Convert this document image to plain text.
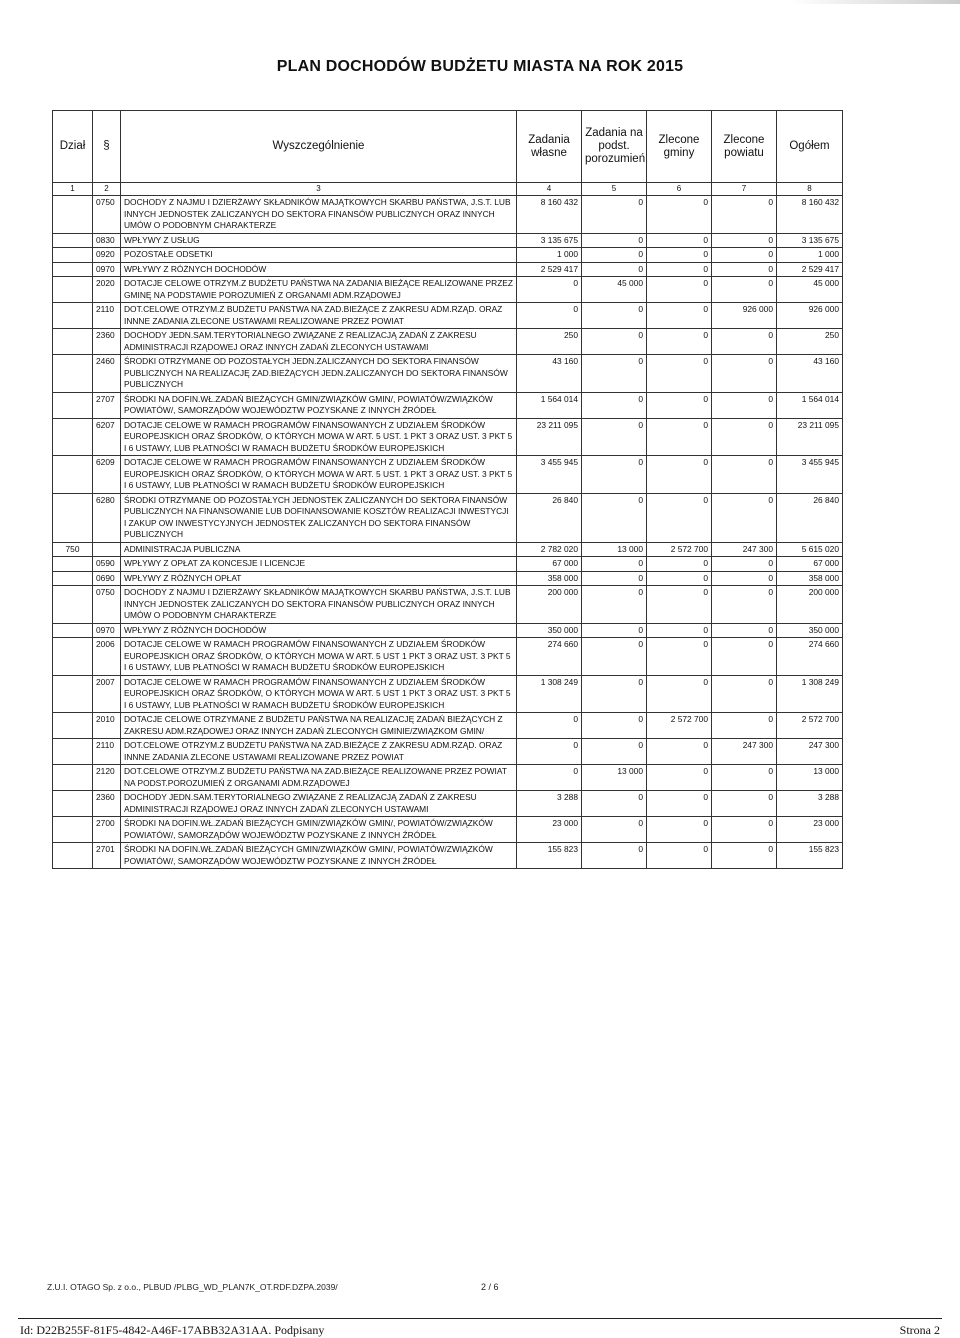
PLAN DOCHODÓW BUDŻETU MIASTA NA ROK 2015
Dział	§	Wyszczególnienie	Zadania własne	Zadania na podst. porozumień	Zlecone gminy	Zlecone powiatu	Ogółem
1	2	3	4	5	6	7	8
	0750	DOCHODY Z NAJMU I DZIERŻAWY SKŁADNIKÓW MAJĄTKOWYCH SKARBU PAŃSTWA, J.S.T. LUB INNYCH JEDNOSTEK ZALICZANYCH DO SEKTORA FINANSÓW PUBLICZNYCH ORAZ INNYCH UMÓW O PODOBNYM CHARAKTERZE	8 160 432	0	0	0	8 160 432
	0830	WPŁYWY Z USŁUG	3 135 675	0	0	0	3 135 675
	0920	POZOSTAŁE ODSETKI	1 000	0	0	0	1 000
	0970	WPŁYWY Z RÓŻNYCH DOCHODÓW	2 529 417	0	0	0	2 529 417
	2020	DOTACJE CELOWE OTRZYM.Z BUDŻETU PAŃSTWA NA ZADANIA BIEŻĄCE REALIZOWANE PRZEZ GMINĘ NA PODSTAWIE POROZUMIEŃ Z ORGANAMI ADM.RZĄDOWEJ	0	45 000	0	0	45 000
	2110	DOT.CELOWE OTRZYM.Z BUDŻETU PAŃSTWA NA ZAD.BIEŻĄCE Z ZAKRESU ADM.RZĄD. ORAZ INNNE ZADANIA ZLECONE USTAWAMI REALIZOWANE PRZEZ POWIAT	0	0	0	926 000	926 000
	2360	DOCHODY JEDN.SAM.TERYTORIALNEGO ZWIĄZANE Z REALIZACJĄ ZADAŃ Z ZAKRESU ADMINISTRACJI RZĄDOWEJ ORAZ INNYCH ZADAŃ ZLECONYCH USTAWAMI	250	0	0	0	250
	2460	ŚRODKI OTRZYMANE OD POZOSTAŁYCH JEDN.ZALICZANYCH DO SEKTORA FINANSÓW PUBLICZNYCH NA REALIZACJĘ ZAD.BIEŻĄCYCH JEDN.ZALICZANYCH DO SEKTORA FINANSÓW PUBLICZNYCH	43 160	0	0	0	43 160
	2707	ŚRODKI NA DOFIN.WŁ.ZADAŃ BIEŻĄCYCH GMIN/ZWIĄZKÓW GMIN/, POWIATÓW/ZWIĄZKÓW POWIATÓW/, SAMORZĄDÓW WOJEWÓDZTW POZYSKANE Z INNYCH ŹRÓDEŁ	1 564 014	0	0	0	1 564 014
	6207	DOTACJE CELOWE W RAMACH PROGRAMÓW FINANSOWANYCH Z UDZIAŁEM ŚRODKÓW EUROPEJSKICH ORAZ ŚRODKÓW, O KTÓRYCH MOWA W ART. 5 UST. 1 PKT 3 ORAZ UST. 3 PKT 5 I 6 USTAWY, LUB PŁATNOŚCI W RAMACH BUDŻETU ŚRODKÓW EUROPEJSKICH	23 211 095	0	0	0	23 211 095
	6209	DOTACJE CELOWE W RAMACH PROGRAMÓW FINANSOWANYCH Z UDZIAŁEM ŚRODKÓW EUROPEJSKICH ORAZ ŚRODKÓW, O KTÓRYCH MOWA W ART. 5 UST. 1 PKT 3 ORAZ UST. 3 PKT 5 I 6 USTAWY, LUB PŁATNOŚCI W RAMACH BUDŻETU ŚRODKÓW EUROPEJSKICH	3 455 945	0	0	0	3 455 945
	6280	ŚRODKI OTRZYMANE OD POZOSTAŁYCH JEDNOSTEK ZALICZANYCH DO SEKTORA FINANSÓW PUBLICZNYCH NA FINANSOWANIE LUB DOFINANSOWANIE KOSZTÓW REALIZACJI INWESTYCJI I ZAKUP OW INWESTYCYJNYCH JEDNOSTEK ZALICZANYCH DO SEKTORA FINANSÓW PUBLICZNYCH	26 840	0	0	0	26 840
750		ADMINISTRACJA PUBLICZNA	2 782 020	13 000	2 572 700	247 300	5 615 020
	0590	WPŁYWY Z OPŁAT ZA KONCESJE I LICENCJE	67 000	0	0	0	67 000
	0690	WPŁYWY Z RÓŻNYCH OPŁAT	358 000	0	0	0	358 000
	0750	DOCHODY Z NAJMU I DZIERŻAWY SKŁADNIKÓW MAJĄTKOWYCH SKARBU PAŃSTWA, J.S.T. LUB INNYCH JEDNOSTEK ZALICZANYCH DO SEKTORA FINANSÓW PUBLICZNYCH ORAZ INNYCH UMÓW O PODOBNYM CHARAKTERZE	200 000	0	0	0	200 000
	0970	WPŁYWY Z RÓŻNYCH DOCHODÓW	350 000	0	0	0	350 000
	2006	DOTACJE CELOWE W RAMACH PROGRAMÓW FINANSOWANYCH Z UDZIAŁEM ŚRODKÓW EUROPEJSKICH ORAZ ŚRODKÓW, O KTÓRYCH MOWA W ART. 5 UST 1 PKT 3 ORAZ UST. 3 PKT 5 I 6 USTAWY, LUB PŁATNOŚCI W RAMACH BUDŻETU ŚRODKÓW EUROPEJSKICH	274 660	0	0	0	274 660
	2007	DOTACJE CELOWE W RAMACH PROGRAMÓW FINANSOWANYCH Z UDZIAŁEM ŚRODKÓW EUROPEJSKICH ORAZ ŚRODKÓW, O KTÓRYCH MOWA W ART. 5 UST 1 PKT 3 ORAZ UST. 3 PKT 5 I 6 USTAWY, LUB PŁATNOŚCI W RAMACH BUDŻETU ŚRODKÓW EUROPEJSKICH	1 308 249	0	0	0	1 308 249
	2010	DOTACJE CELOWE OTRZYMANE Z BUDŻETU PAŃSTWA NA REALIZACJĘ ZADAŃ BIEŻĄCYCH Z ZAKRESU ADM.RZĄDOWEJ ORAZ INNYCH ZADAŃ ZLECONYCH GMINIE/ZWIĄZKOM GMIN/	0	0	2 572 700	0	2 572 700
	2110	DOT.CELOWE OTRZYM.Z BUDŻETU PAŃSTWA NA ZAD.BIEŻĄCE Z ZAKRESU ADM.RZĄD. ORAZ INNNE ZADANIA ZLECONE USTAWAMI REALIZOWANE PRZEZ POWIAT	0	0	0	247 300	247 300
	2120	DOT.CELOWE OTRZYM.Z BUDŻETU PAŃSTWA NA ZAD.BIEŻĄCE REALIZOWANE PRZEZ POWIAT NA PODST.POROZUMIEŃ Z ORGANAMI ADM.RZĄDOWEJ	0	13 000	0	0	13 000
	2360	DOCHODY JEDN.SAM.TERYTORIALNEGO ZWIĄZANE Z REALIZACJĄ ZADAŃ Z ZAKRESU ADMINISTRACJI RZĄDOWEJ ORAZ INNYCH ZADAŃ ZLECONYCH USTAWAMI	3 288	0	0	0	3 288
	2700	ŚRODKI NA DOFIN.WŁ.ZADAŃ BIEŻĄCYCH GMIN/ZWIĄZKÓW GMIN/, POWIATÓW/ZWIĄZKÓW POWIATÓW/, SAMORZĄDÓW WOJEWÓDZTW POZYSKANE Z INNYCH ŹRÓDEŁ	23 000	0	0	0	23 000
	2701	ŚRODKI NA DOFIN.WŁ.ZADAŃ BIEŻĄCYCH GMIN/ZWIĄZKÓW GMIN/, POWIATÓW/ZWIĄZKÓW POWIATÓW/, SAMORZĄDÓW WOJEWÓDZTW POZYSKANE Z INNYCH ŹRÓDEŁ	155 823	0	0	0	155 823
Z.U.I. OTAGO Sp. z o.o., PLBUD /PLBG_WD_PLAN7K_OT.RDF.DZPA.2039/	2 / 6
Id: D22B255F-81F5-4842-A46F-17ABB32A31AA. Podpisany	Strona 2
